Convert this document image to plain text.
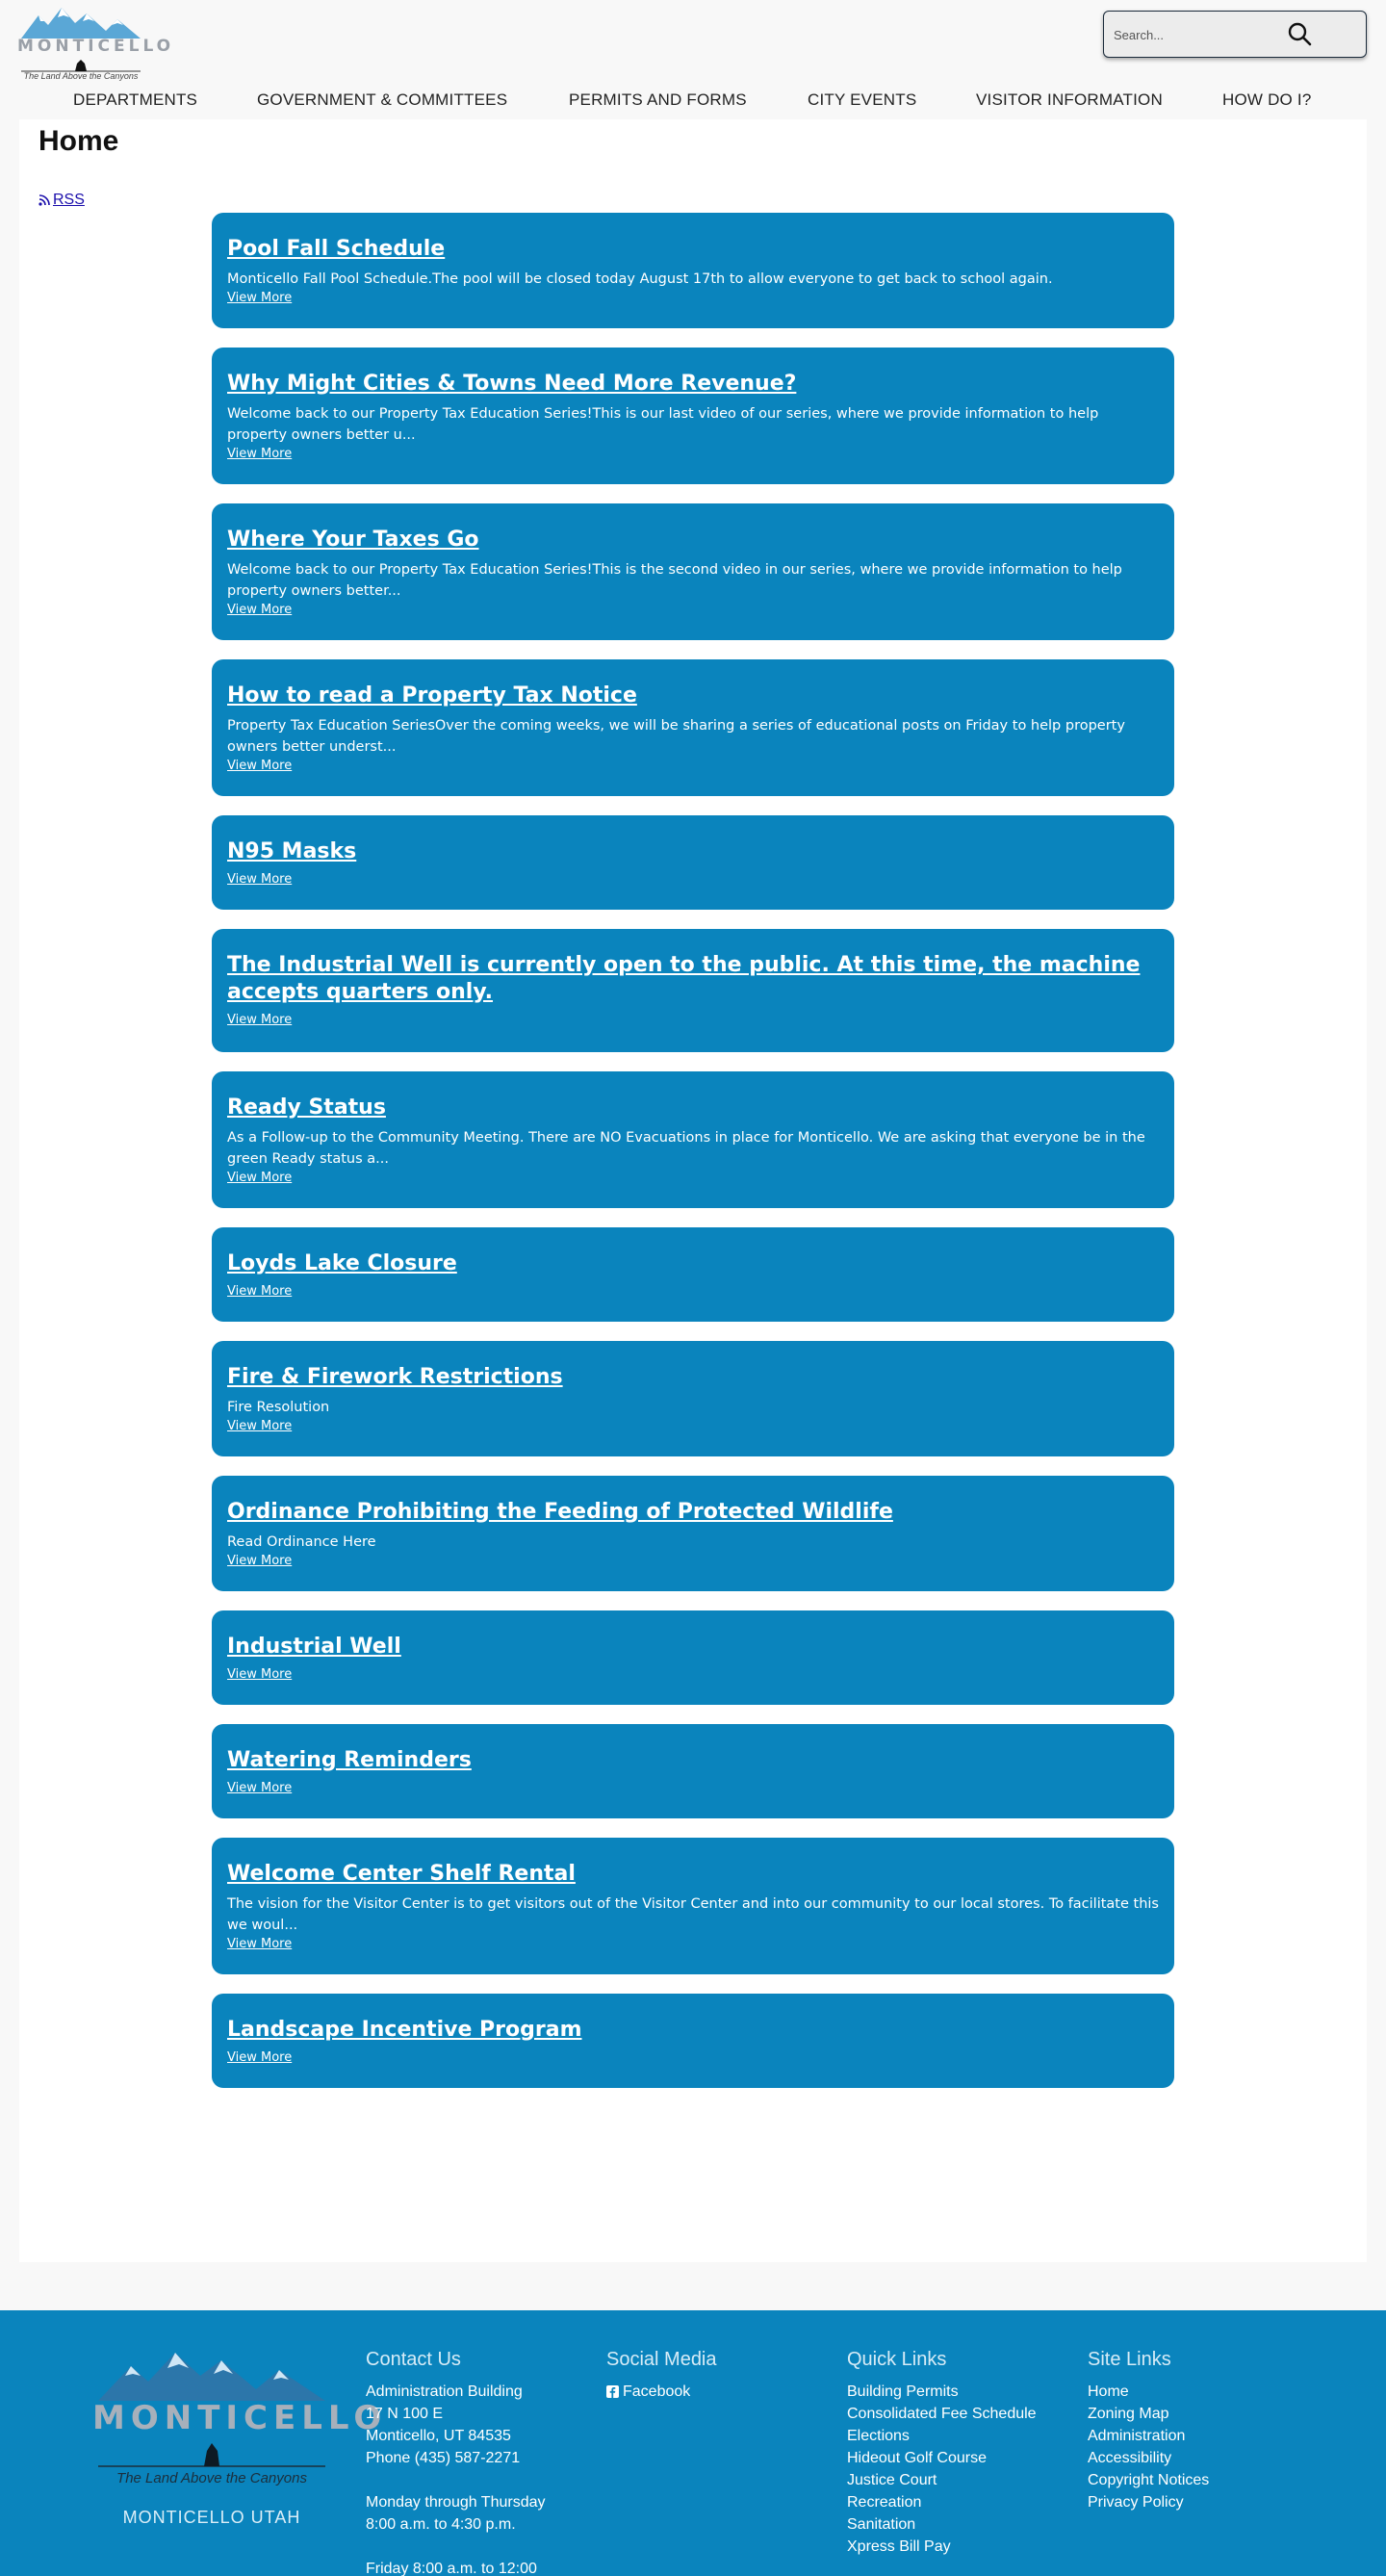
MONTICELLO
The Land Above the Canyons
Search...
DEPARTMENTS	GOVERNMENT & COMMITTEES	PERMITS AND FORMS	CITY EVENTS	VISITOR INFORMATION	HOW DO I?
Home
RSS
Pool Fall Schedule
Monticello Fall Pool Schedule.The pool will be closed today August 17th to allow everyone to get back to school again.
View More
Why Might Cities & Towns Need More Revenue?
Welcome back to our Property Tax Education Series!This is our last video of our series, where we provide information to help property owners better u...
View More
Where Your Taxes Go
Welcome back to our Property Tax Education Series!This is the second video in our series, where we provide information to help property owners better...
View More
How to read a Property Tax Notice
Property Tax Education SeriesOver the coming weeks, we will be sharing a series of educational posts on Friday to help property owners better underst...
View More
N95 Masks
View More
The Industrial Well is currently open to the public. At this time, the machine accepts quarters only.
View More
Ready Status
As a Follow-up to the Community Meeting. There are NO Evacuations in place for Monticello. We are asking that everyone be in the green Ready status a...
View More
Loyds Lake Closure
View More
Fire & Firework Restrictions
Fire Resolution
View More
Ordinance Prohibiting the Feeding of Protected Wildlife
Read Ordinance Here
View More
Industrial Well
View More
Watering Reminders
View More
Welcome Center Shelf Rental
The vision for the Visitor Center is to get visitors out of the Visitor Center and into our community to our local stores. To facilitate this we woul...
View More
Landscape Incentive Program
View More
MONTICELLO
The Land Above the Canyons
MONTICELLO UTAH
Contact Us
Administration Building
17 N 100 E
Monticello, UT 84535
Phone (435) 587-2271
Monday through Thursday
8:00 a.m. to 4:30 p.m.
Friday 8:00 a.m. to 12:00
Social Media
Facebook
Quick Links
Building Permits
Consolidated Fee Schedule
Elections
Hideout Golf Course
Justice Court
Recreation
Sanitation
Xpress Bill Pay
Site Links
Home
Zoning Map
Administration
Accessibility
Copyright Notices
Privacy Policy
